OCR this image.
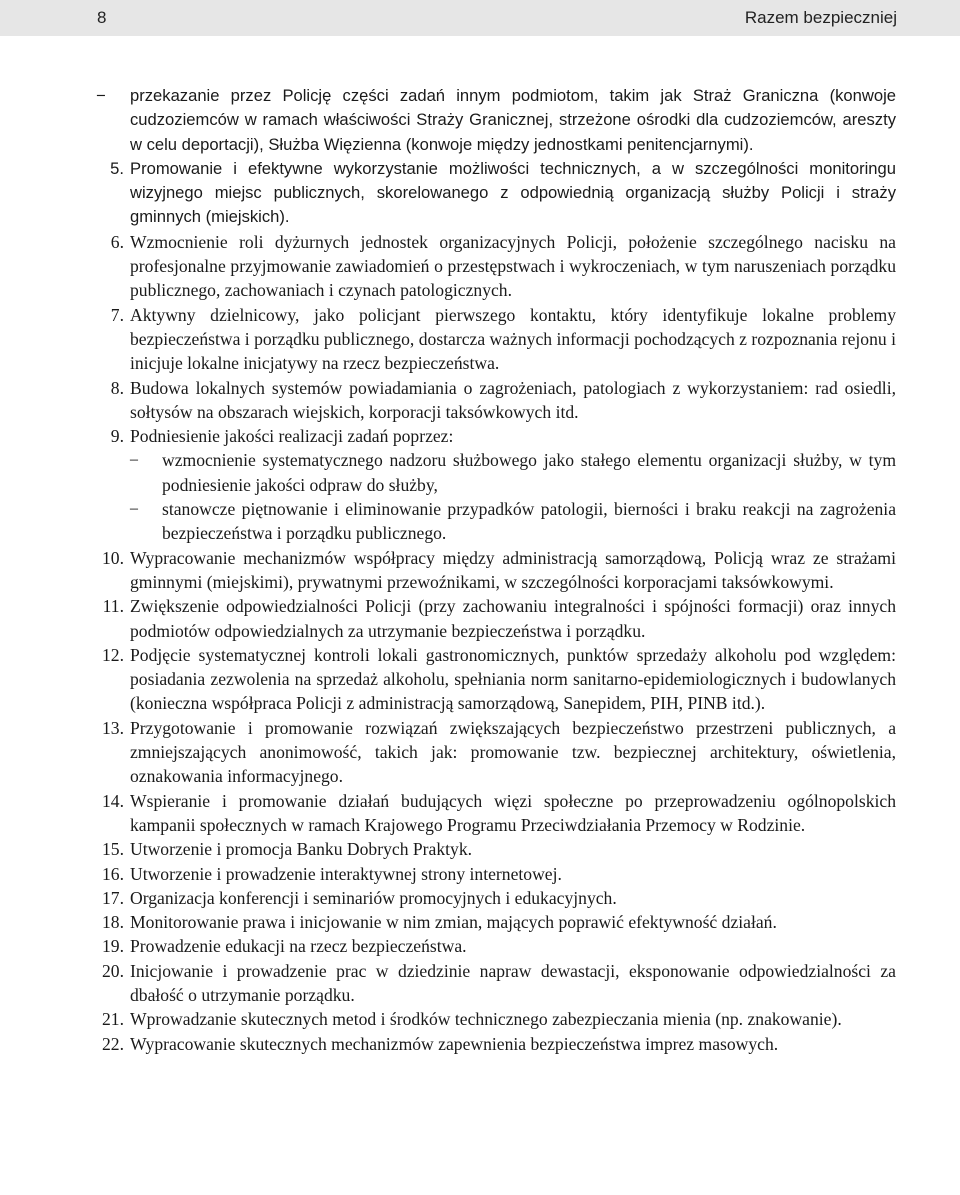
8	Razem bezpieczniej
− przekazanie przez Policję części zadań innym podmiotom, takim jak Straż Graniczna (konwoje cudzoziemców w ramach właściwości Straży Granicznej, strzeżone ośrodki dla cudzoziemców, areszty w celu deportacji), Służba Więzienna (konwoje między jednostkami penitencjarnymi).
5. Promowanie i efektywne wykorzystanie możliwości technicznych, a w szczególności monitoringu wizyjnego miejsc publicznych, skorelowanego z odpowiednią organizacją służby Policji i straży gminnych (miejskich).
6. Wzmocnienie roli dyżurnych jednostek organizacyjnych Policji, położenie szczególnego nacisku na profesjonalne przyjmowanie zawiadomień o przestępstwach i wykroczeniach, w tym naruszeniach porządku publicznego, zachowaniach i czynach patologicznych.
7. Aktywny dzielnicowy, jako policjant pierwszego kontaktu, który identyfikuje lokalne problemy bezpieczeństwa i porządku publicznego, dostarcza ważnych informacji pochodzących z rozpoznania rejonu i inicjuje lokalne inicjatywy na rzecz bezpieczeństwa.
8. Budowa lokalnych systemów powiadamiania o zagrożeniach, patologiach z wykorzystaniem: rad osiedli, sołtysów na obszarach wiejskich, korporacji taksówkowych itd.
9. Podniesienie jakości realizacji zadań poprzez:
− wzmocnienie systematycznego nadzoru służbowego jako stałego elementu organizacji służby, w tym podniesienie jakości odpraw do służby,
− stanowcze piętnowanie i eliminowanie przypadków patologii, bierności i braku reakcji na zagrożenia bezpieczeństwa i porządku publicznego.
10. Wypracowanie mechanizmów współpracy między administracją samorządową, Policją wraz ze strażami gminnymi (miejskimi), prywatnymi przewoźnikami, w szczególności korporacjami taksówkowymi.
11. Zwiększenie odpowiedzialności Policji (przy zachowaniu integralności i spójności formacji) oraz innych podmiotów odpowiedzialnych za utrzymanie bezpieczeństwa i porządku.
12. Podjęcie systematycznej kontroli lokali gastronomicznych, punktów sprzedaży alkoholu pod względem: posiadania zezwolenia na sprzedaż alkoholu, spełniania norm sanitarno-epidemiologicznych i budowlanych (konieczna współpraca Policji z administracją samorządową, Sanepidem, PIH, PINB itd.).
13. Przygotowanie i promowanie rozwiązań zwiększających bezpieczeństwo przestrzeni publicznych, a zmniejszających anonimowość, takich jak: promowanie tzw. bezpiecznej architektury, oświetlenia, oznakowania informacyjnego.
14. Wspieranie i promowanie działań budujących więzi społeczne po przeprowadzeniu ogólnopolskich kampanii społecznych w ramach Krajowego Programu Przeciwdziałania Przemocy w Rodzinie.
15. Utworzenie i promocja Banku Dobrych Praktyk.
16. Utworzenie i prowadzenie interaktywnej strony internetowej.
17. Organizacja konferencji i seminariów promocyjnych i edukacyjnych.
18. Monitorowanie prawa i inicjowanie w nim zmian, mających poprawić efektywność działań.
19. Prowadzenie edukacji na rzecz bezpieczeństwa.
20. Inicjowanie i prowadzenie prac w dziedzinie napraw dewastacji, eksponowanie odpowiedzialności za dbałość o utrzymanie porządku.
21. Wprowadzanie skutecznych metod i środków technicznego zabezpieczania mienia (np. znakowanie).
22. Wypracowanie skutecznych mechanizmów zapewnienia bezpieczeństwa imprez masowych.
